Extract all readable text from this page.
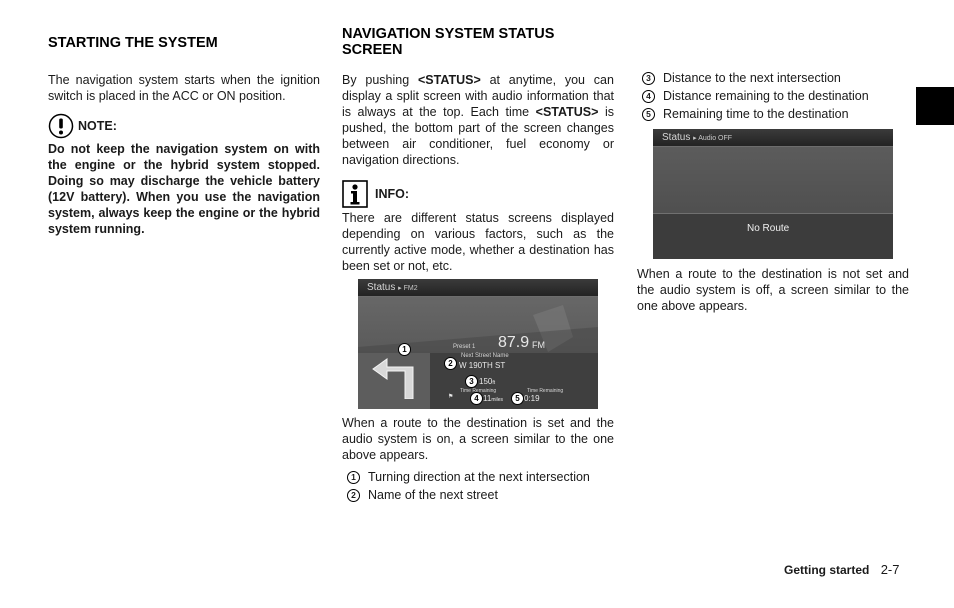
STARTING THE SYSTEM

The navigation system starts when the ignition switch is placed in the ACC or ON position.

NOTE:

Do not keep the navigation system on with the engine or the hybrid system stopped. Doing so may discharge the vehicle battery (12V battery). When you use the navigation system, always keep the engine or the hybrid system running.

NAVIGATION SYSTEM STATUS
SCREEN

By pushing <STATUS> at anytime, you can display a split screen with audio information that is always at the top. Each time <STATUS> is pushed, the bottom part of the screen changes between air conditioner, fuel economy or navigation directions.

INFO:

There are different status screens displayed depending on various factors, such as the currently active mode, whether a destination has been set or not, etc.

Status ▸ FM2
1
2
3
4	5
Preset 1 87.9 FM
Next Street Name
W 190TH ST
150ft
Time Remaining	Time Remaining
⚑	11miles	0:19

When a route to the destination is set and the audio system is on, a screen similar to the one above appears.

1 Turning direction at the next intersection
2 Name of the next street
3 Distance to the next intersection
4 Distance remaining to the destination
5 Remaining time to the destination
Status ▸ Audio OFF
No Route

When a route to the destination is not set and the audio system is off, a screen similar to the one above appears.

Getting started 2-7
